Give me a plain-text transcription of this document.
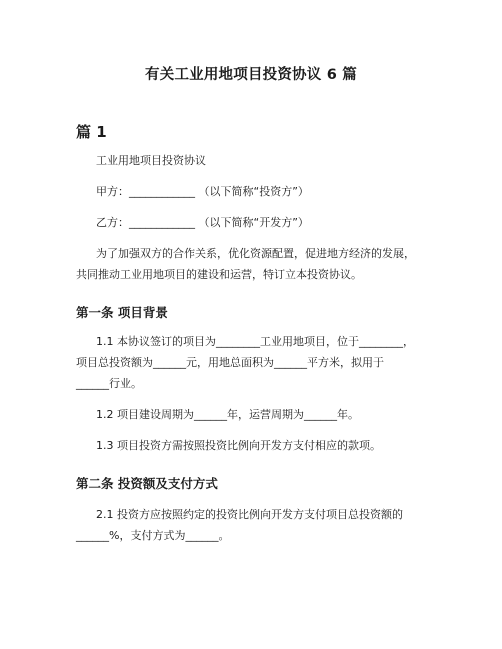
有关工业用地项目投资协议 6 篇
篇 1
工业用地项目投资协议
甲方：____________ （以下简称“投资方”）
乙方：____________ （以下简称“开发方”）
为了加强双方的合作关系，优化资源配置，促进地方经济的发展，
共同推动工业用地项目的建设和运营，特订立本投资协议。
第一条 项目背景
1.1 本协议签订的项目为________工业用地项目，位于________，
项目总投资额为______元，用地总面积为______平方米，拟用于
______行业。
1.2 项目建设周期为______年，运营周期为______年。
1.3 项目投资方需按照投资比例向开发方支付相应的款项。
第二条 投资额及支付方式
2.1 投资方应按照约定的投资比例向开发方支付项目总投资额的
______%，支付方式为______。
